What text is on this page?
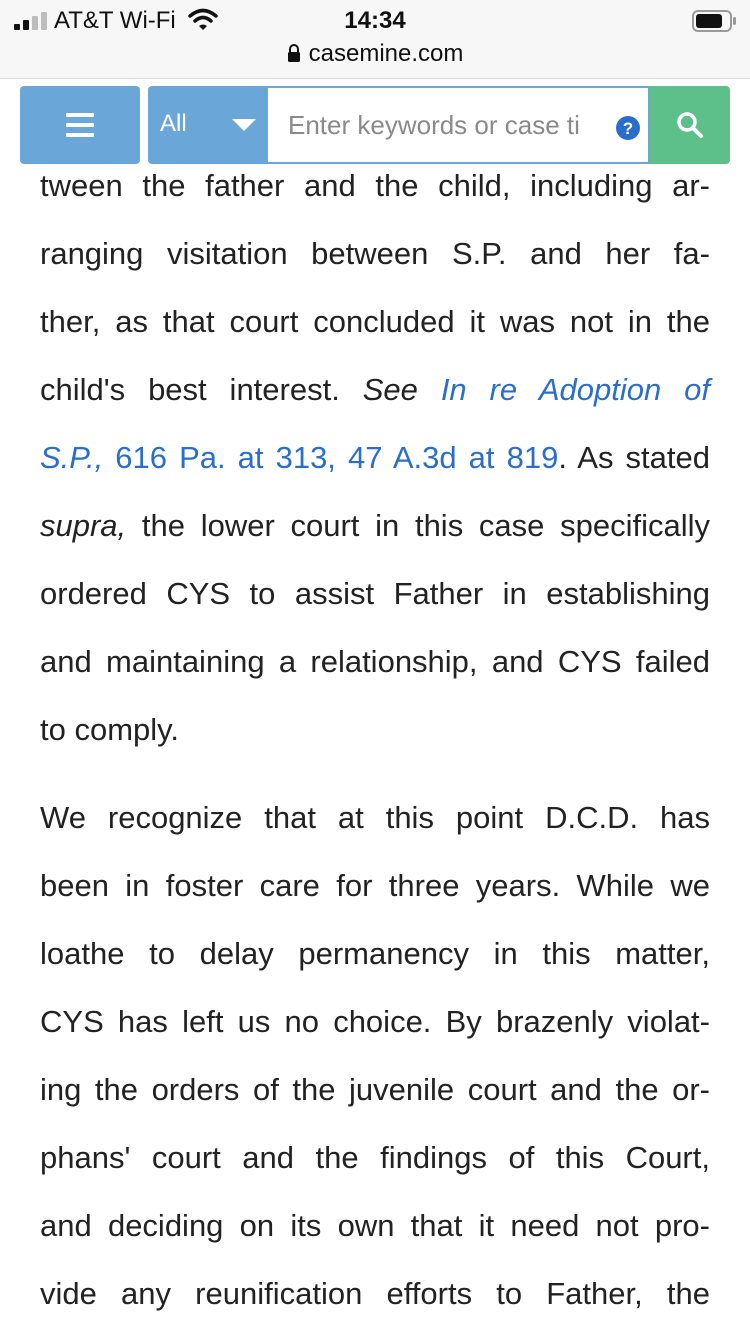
AT&T Wi-Fi	14:34
casemine.com
All
Enter keywords or case ti	?

tween the father and the child, including ar-
ranging visitation between S.P. and her fa-
ther, as that court concluded it was not in the
child's best interest. See In re Adoption of
S.P., 616 Pa. at 313, 47 A.3d at 819. As stated
supra, the lower court in this case specifically
ordered CYS to assist Father in establishing
and maintaining a relationship, and CYS failed
to comply.

We recognize that at this point D.C.D. has
been in foster care for three years. While we
loathe to delay permanency in this matter,
CYS has left us no choice. By brazenly violat-
ing the orders of the juvenile court and the or-
phans' court and the findings of this Court,
and deciding on its own that it need not pro-
vide any reunification efforts to Father, the
